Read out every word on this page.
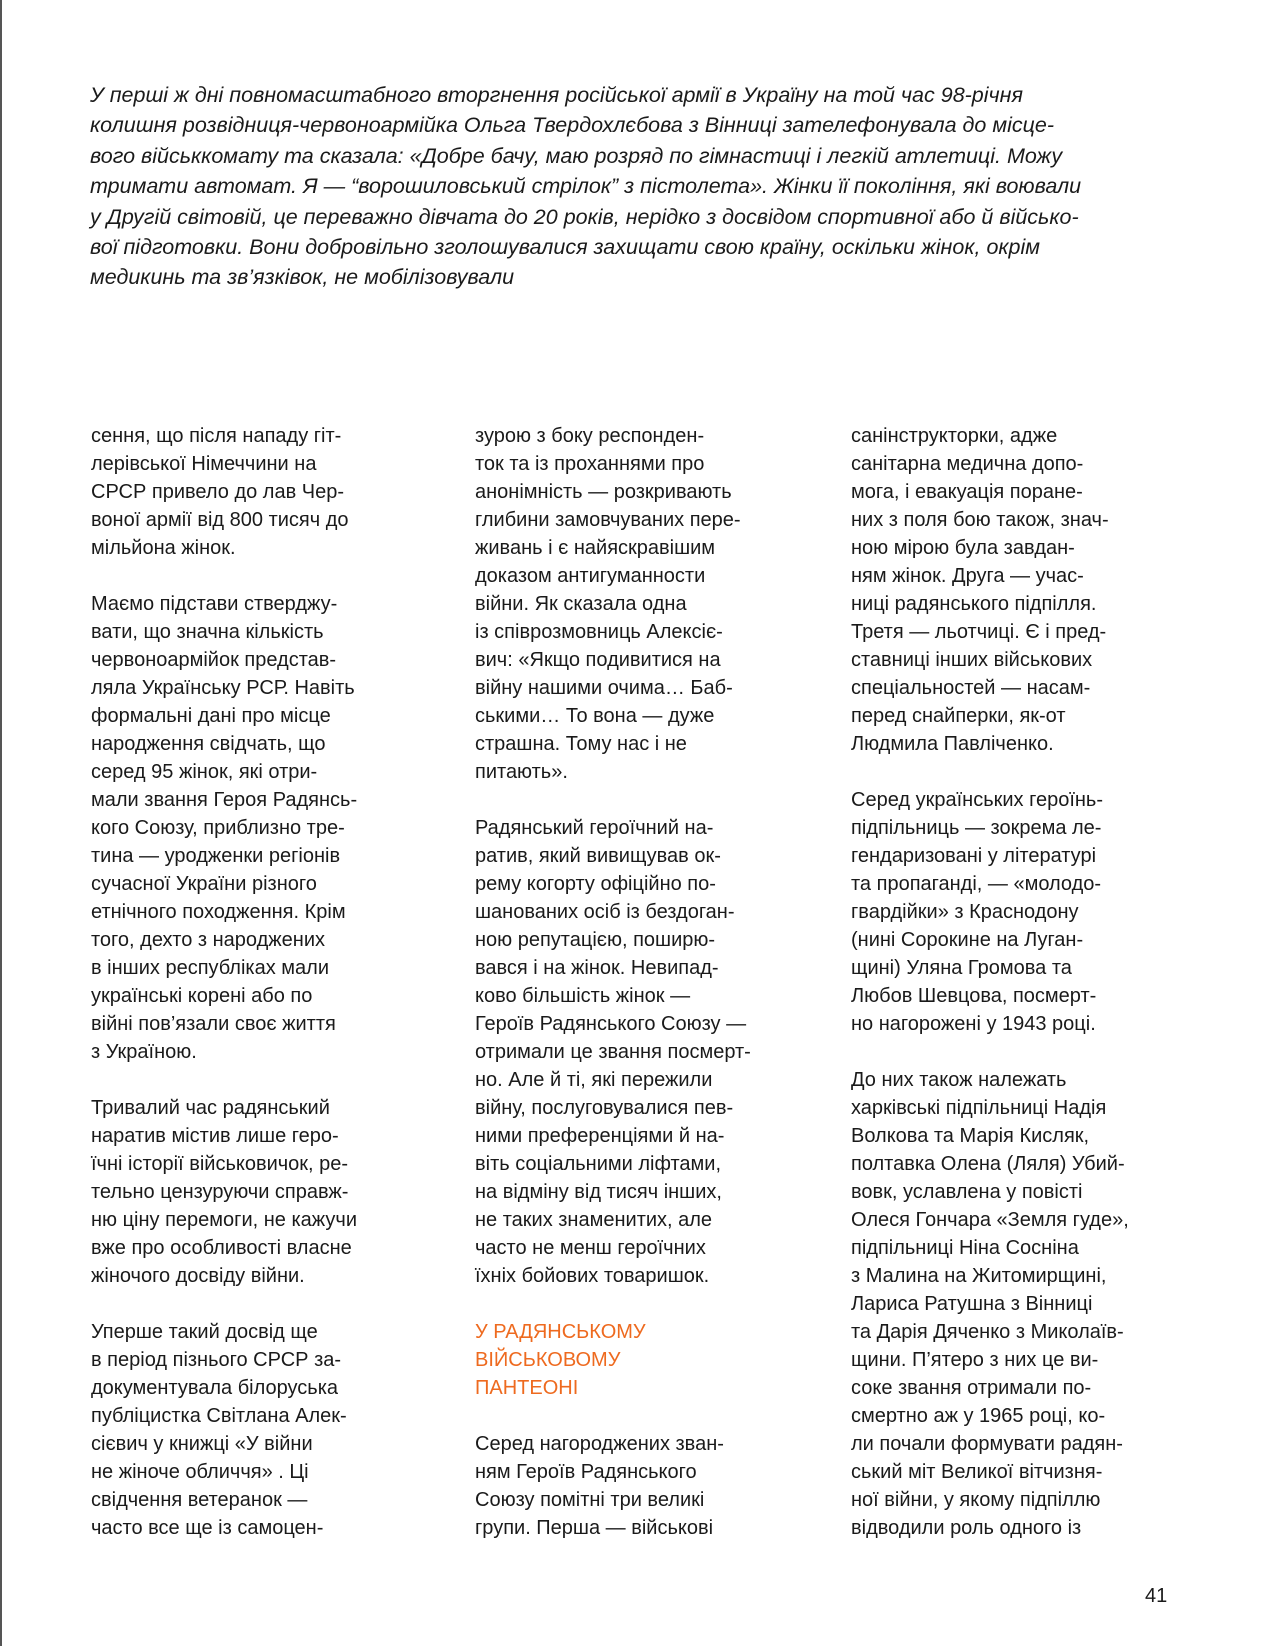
У перші ж дні повномасштабного вторгнення російської армії в Україну на той час 98-річня
колишня розвідниця-червоноармійка Ольга Твердохлєбова з Вінниці зателефонувала до місце-
вого військкомату та сказала: «Добре бачу, маю розряд по гімнастиці і легкій атлетиці. Можу
тримати автомат. Я — “ворошиловський стрілок” з пістолета». Жінки її покоління, які воювали
у Другій світовій, це переважно дівчата до 20 років, нерідко з досвідом спортивної або й військо-
вої підготовки. Вони добровільно зголошувалися захищати свою країну, оскільки жінок, окрім
медикинь та зв’язківок, не мобілізовували
сення, що після нападу гіт-
лерівської Німеччини на
СРСР привело до лав Чер-
воної армії від 800 тисяч до
мільйона жінок.
Маємо підстави стверджу-
вати, що значна кількість
червоноармійок представ-
ляла Українську РСР. Навіть
формальні дані про місце
народження свідчать, що
серед 95 жінок, які отри-
мали звання Героя Радянсь-
кого Союзу, приблизно тре-
тина — уродженки регіонів
сучасної України різного
етнічного походження. Крім
того, дехто з народжених
в інших республіках мали
українські корені або по
війні пов’язали своє життя
з Україною.
Тривалий час радянський
наратив містив лише геро-
їчні історії військовичок, ре-
тельно цензуруючи справж-
ню ціну перемоги, не кажучи
вже про особливості власне
жіночого досвіду війни.
Уперше такий досвід ще
в період пізнього СРСР за-
документувала білоруська
публіцистка Світлана Алек-
сієвич у книжці «У війни
не жіноче обличчя» . Ці
свідчення ветеранок —
часто все ще із самоцен-
зурою з боку респонден-
ток та із проханнями про
анонімність — розкривають
глибини замовчуваних пере-
живань і є найяскравішим
доказом антигуманности
війни. Як сказала одна
із співрозмовниць Алексіє-
вич: «Якщо подивитися на
війну нашими очима… Баб-
ськими… То вона — дуже
страшна. Тому нас і не
питають».
Радянський героїчний на-
ратив, який вивищував ок-
рему когорту офіційно по-
шанованих осіб із бездоган-
ною репутацією, поширю-
вався і на жінок. Невипад-
ково більшість жінок —
Героїв Радянського Союзу —
отримали це звання посмерт-
но. Але й ті, які пережили
війну, послуговувалися пев-
ними преференціями й на-
віть соціальними ліфтами,
на відміну від тисяч інших,
не таких знаменитих, але
часто не менш героїчних
їхніх бойових товаришок.
У РАДЯНСЬКОМУ
ВІЙСЬКОВОМУ
ПАНТЕОНІ
Серед нагороджених зван-
ням Героїв Радянського
Союзу помітні три великі
групи. Перша — військові
санінструкторки, адже
санітарна медична допо-
мога, і евакуація поранe-
них з поля бою також, знач-
ною мірою була завдан-
ням жінок. Друга — учас-
ниці радянського підпілля.
Третя — льотчиці. Є і пред-
ставниці інших військових
спеціальностей — насам-
перед снайперки, як-от
Людмила Павліченко.
Серед українських героїнь-
підпільниць — зокрема ле-
гендаризовані у літературі
та пропаганді, — «молодо-
гвардійки» з Краснодону
(нині Сорокине на Луган-
щині) Уляна Громова та
Любов Шевцова, посмерт-
но нагорожені у 1943 році.
До них також належать
харківські підпільниці Надія
Волкова та Марія Кисляк,
полтавка Олена (Ляля) Убий-
вовк, уславлена у повісті
Олеся Гончара «Земля гуде»,
підпільниці Ніна Сосніна
з Малина на Житомирщині,
Лариса Ратушна з Вінниці
та Дарія Дяченко з Миколаїв-
щини. П’ятеро з них це ви-
соке звання отримали по-
смертно аж у 1965 році, ко-
ли почали формувати радян-
ський міт Великої вітчизня-
ної війни, у якому підпіллю
відводили роль одного із
41
